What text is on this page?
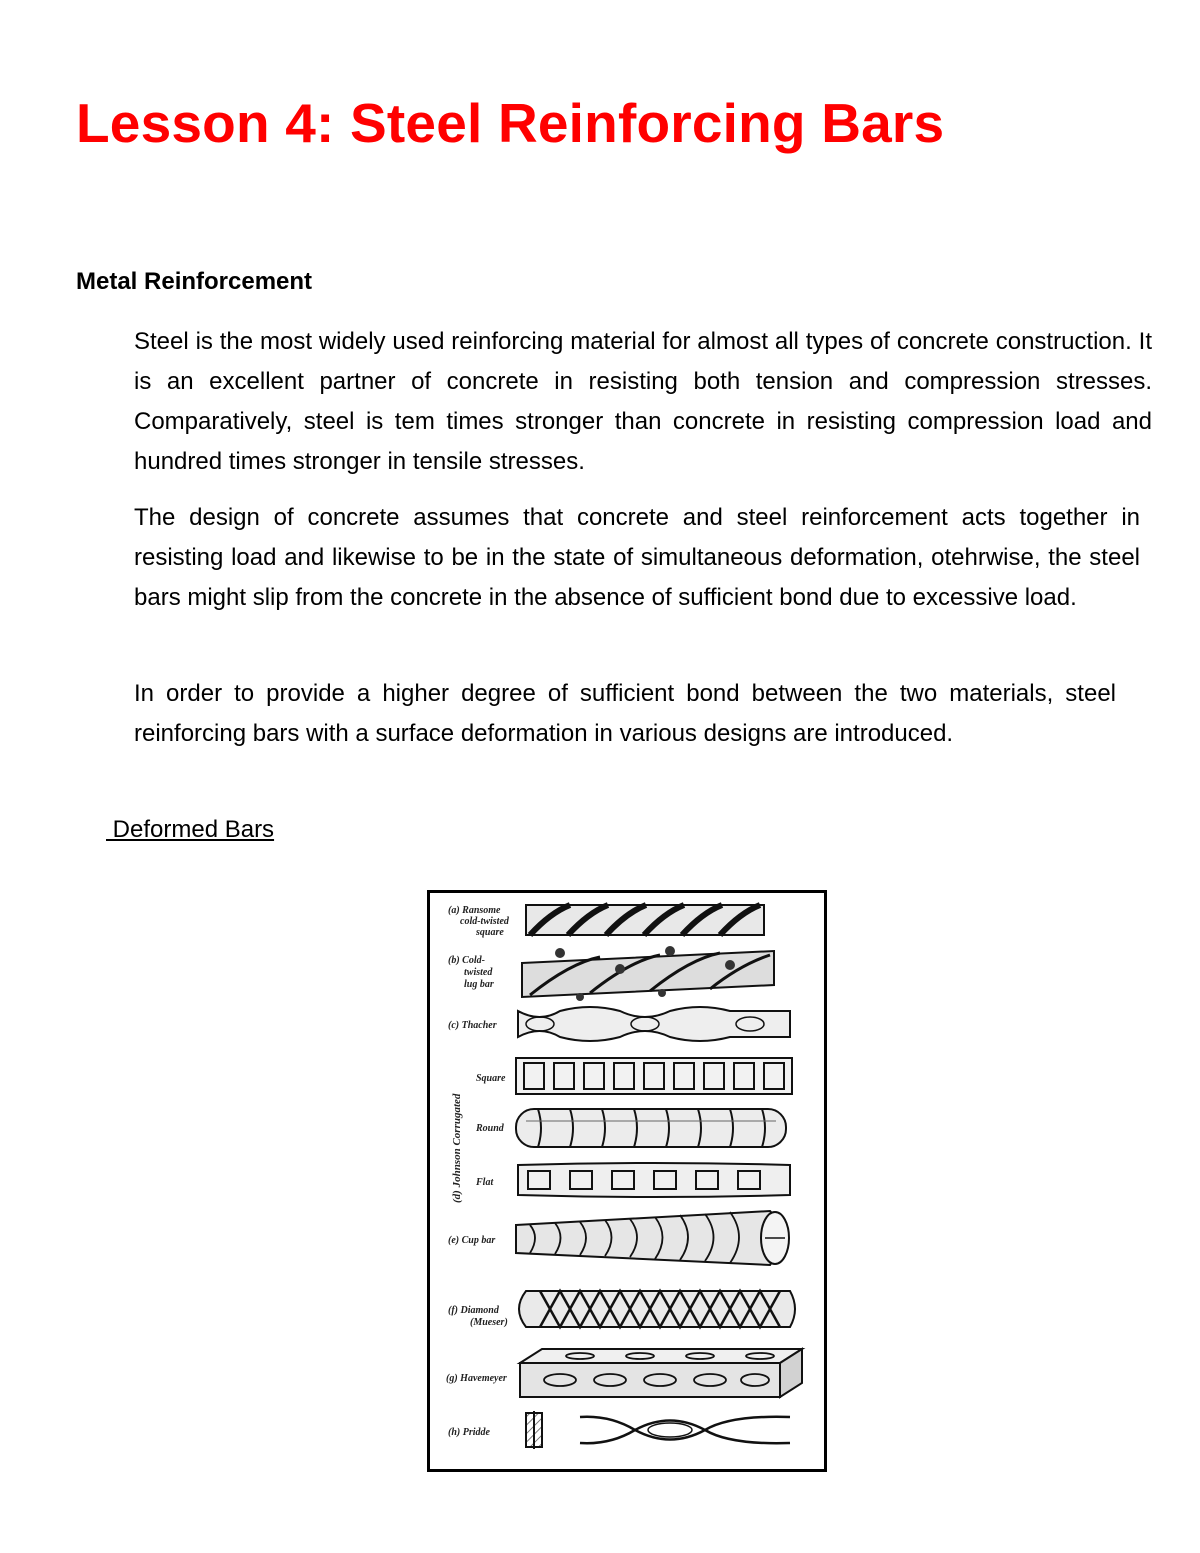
Lesson 4: Steel Reinforcing Bars
Metal Reinforcement

Steel is the most widely used reinforcing material for almost all types of concrete construction. It is an excellent partner of concrete in resisting both tension and compression stresses. Comparatively, steel is tem times stronger than concrete in resisting compression load and hundred times stronger in tensile stresses.

The design of concrete assumes that concrete and steel reinforcement acts together in resisting load and likewise to be in the state of simultaneous deformation, otehrwise, the steel bars might slip from the concrete in the absence of sufficient bond due to excessive load.

In order to provide a higher degree of sufficient bond between the two materials, steel reinforcing bars with a surface deformation in various designs are introduced.

Deformed Bars
(a) Ransome
cold-twisted
square
(b) Cold-
twisted
lug bar
(c) Thacher
Square
Round
Flat
(d) Johnson Corrugated
(e) Cup bar
(f) Diamond
(Mueser)
(g) Havemeyer
(h) Pridde
